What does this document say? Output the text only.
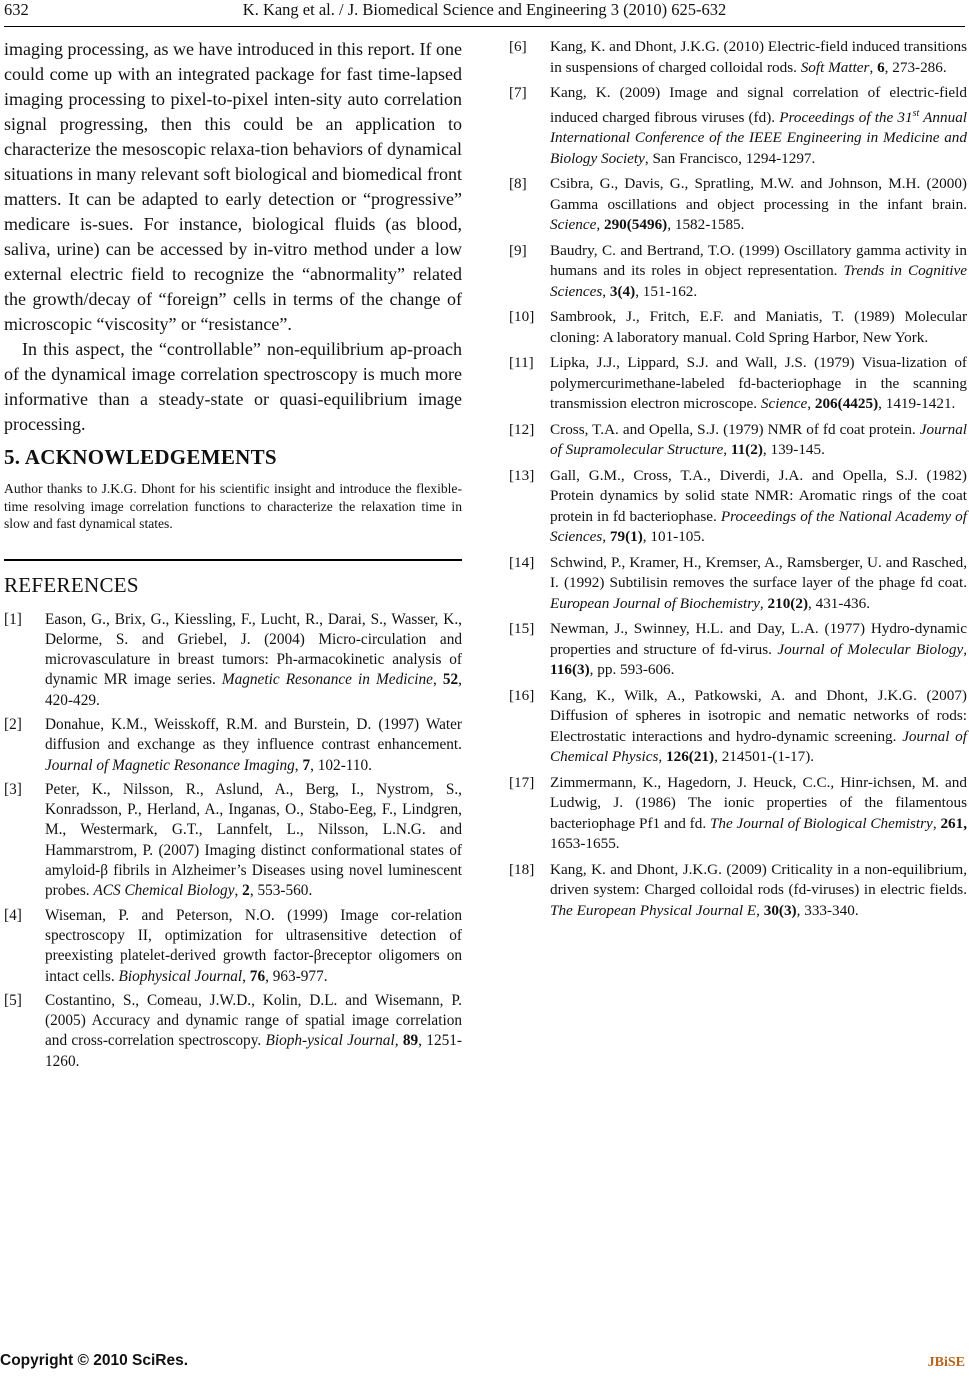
632	K. Kang et al. / J. Biomedical Science and Engineering 3 (2010) 625-632

imaging processing, as we have introduced in this report. If one could come up with an integrated package for fast time-lapsed imaging processing to pixel-to-pixel inten-sity auto correlation signal progressing, then this could be an application to characterize the mesoscopic relaxa-tion behaviors of dynamical situations in many relevant soft biological and biomedical front matters. It can be adapted to early detection or “progressive” medicare is-sues. For instance, biological fluids (as blood, saliva, urine) can be accessed by in-vitro method under a low external electric field to recognize the “abnormality” related the growth/decay of “foreign” cells in terms of the change of microscopic “viscosity” or “resistance”.

In this aspect, the “controllable” non-equilibrium ap-proach of the dynamical image correlation spectroscopy is much more informative than a steady-state or quasi-equilibrium image processing.

5. ACKNOWLEDGEMENTS

Author thanks to J.K.G. Dhont for his scientific insight and introduce the flexible-time resolving image correlation functions to characterize the relaxation time in slow and fast dynamical states.

REFERENCES
[1] Eason, G., Brix, G., Kiessling, F., Lucht, R., Darai, S., Wasser, K., Delorme, S. and Griebel, J. (2004) Micro-circulation and microvasculature in breast tumors: Ph-armacokinetic analysis of dynamic MR image series. Magnetic Resonance in Medicine, 52, 420-429.
[2] Donahue, K.M., Weisskoff, R.M. and Burstein, D. (1997) Water diffusion and exchange as they influence contrast enhancement. Journal of Magnetic Resonance Imaging, 7, 102-110.
[3] Peter, K., Nilsson, R., Aslund, A., Berg, I., Nystrom, S., Konradsson, P., Herland, A., Inganas, O., Stabo-Eeg, F., Lindgren, M., Westermark, G.T., Lannfelt, L., Nilsson, L.N.G. and Hammarstrom, P. (2007) Imaging distinct conformational states of amyloid-β fibrils in Alzheimer’s Diseases using novel luminescent probes. ACS Chemical Biology, 2, 553-560.
[4] Wiseman, P. and Peterson, N.O. (1999) Image cor-relation spectroscopy II, optimization for ultrasensitive detection of preexisting platelet-derived growth factor-βreceptor oligomers on intact cells. Biophysical Journal, 76, 963-977.
[5] Costantino, S., Comeau, J.W.D., Kolin, D.L. and Wisemann, P. (2005) Accuracy and dynamic range of spatial image correlation and cross-correlation spectroscopy. Bioph-ysical Journal, 89, 1251-1260.
[6] Kang, K. and Dhont, J.K.G. (2010) Electric-field induced transitions in suspensions of charged colloidal rods. Soft Matter, 6, 273-286.
[7] Kang, K. (2009) Image and signal correlation of electric-field induced charged fibrous viruses (fd). Proceedings of the 31st Annual International Conference of the IEEE Engineering in Medicine and Biology Society, San Francisco, 1294-1297.
[8] Csibra, G., Davis, G., Spratling, M.W. and Johnson, M.H. (2000) Gamma oscillations and object processing in the infant brain. Science, 290(5496), 1582-1585.
[9] Baudry, C. and Bertrand, T.O. (1999) Oscillatory gamma activity in humans and its roles in object representation. Trends in Cognitive Sciences, 3(4), 151-162.
[10] Sambrook, J., Fritch, E.F. and Maniatis, T. (1989) Molecular cloning: A laboratory manual. Cold Spring Harbor, New York.
[11] Lipka, J.J., Lippard, S.J. and Wall, J.S. (1979) Visua-lization of polymercurimethane-labeled fd-bacteriophage in the scanning transmission electron microscope. Science, 206(4425), 1419-1421.
[12] Cross, T.A. and Opella, S.J. (1979) NMR of fd coat protein. Journal of Supramolecular Structure, 11(2), 139-145.
[13] Gall, G.M., Cross, T.A., Diverdi, J.A. and Opella, S.J. (1982) Protein dynamics by solid state NMR: Aromatic rings of the coat protein in fd bacteriophase. Proceedings of the National Academy of Sciences, 79(1), 101-105.
[14] Schwind, P., Kramer, H., Kremser, A., Ramsberger, U. and Rasched, I. (1992) Subtilisin removes the surface layer of the phage fd coat. European Journal of Biochemistry, 210(2), 431-436.
[15] Newman, J., Swinney, H.L. and Day, L.A. (1977) Hydro-dynamic properties and structure of fd-virus. Journal of Molecular Biology, 116(3), pp. 593-606.
[16] Kang, K., Wilk, A., Patkowski, A. and Dhont, J.K.G. (2007) Diffusion of spheres in isotropic and nematic networks of rods: Electrostatic interactions and hydro-dynamic screening. Journal of Chemical Physics, 126(21), 214501-(1-17).
[17] Zimmermann, K., Hagedorn, J. Heuck, C.C., Hinr-ichsen, M. and Ludwig, J. (1986) The ionic properties of the filamentous bacteriophage Pf1 and fd. The Journal of Biological Chemistry, 261, 1653-1655.
[18] Kang, K. and Dhont, J.K.G. (2009) Criticality in a non-equilibrium, driven system: Charged colloidal rods (fd-viruses) in electric fields. The European Physical Journal E, 30(3), 333-340.
Copyright © 2010 SciRes.	JBiSE
